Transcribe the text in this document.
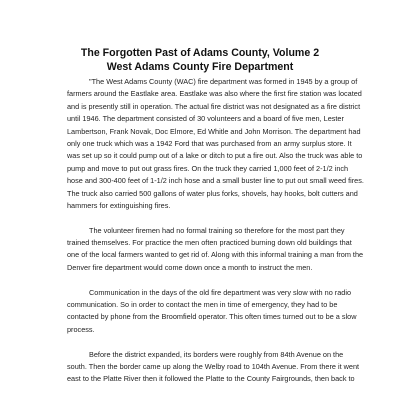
The Forgotten Past of Adams County, Volume 2
West Adams County Fire Department

"The West Adams County (WAC) fire department was formed in 1945 by a group of
farmers around the Eastlake area. Eastlake was also where the first fire station was located
and is presently still in operation. The actual fire district was not designated as a fire district
until 1946. The department consisted of 30 volunteers and a board of five men, Lester
Lambertson, Frank Novak, Doc Elmore, Ed Whitle and John Morrison. The department had
only one truck which was a 1942 Ford that was purchased from an army surplus store. It
was set up so it could pump out of a lake or ditch to put a fire out. Also the truck was able to
pump and move to put out grass fires. On the truck they carried 1,000 feet of 2-1/2 inch
hose and 300-400 feet of 1-1/2 inch hose and a small buster line to put out small weed fires.
The truck also carried 500 gallons of water plus forks, shovels, hay hooks, bolt cutters and
hammers for extinguishing fires.

The volunteer firemen had no formal training so therefore for the most part they
trained themselves. For practice the men often practiced burning down old buildings that
one of the local farmers wanted to get rid of. Along with this informal training a man from the
Denver fire department would come down once a month to instruct the men.

Communication in the days of the old fire department was very slow with no radio
communication. So in order to contact the men in time of emergency, they had to be
contacted by phone from the Broomfield operator. This often times turned out to be a slow
process.

Before the district expanded, its borders were roughly from 84th Avenue on the
south. Then the border came up along the Welby road to 104th Avenue. From there it went
east to the Platte River then it followed the Platte to the County Fairgrounds, then back to
